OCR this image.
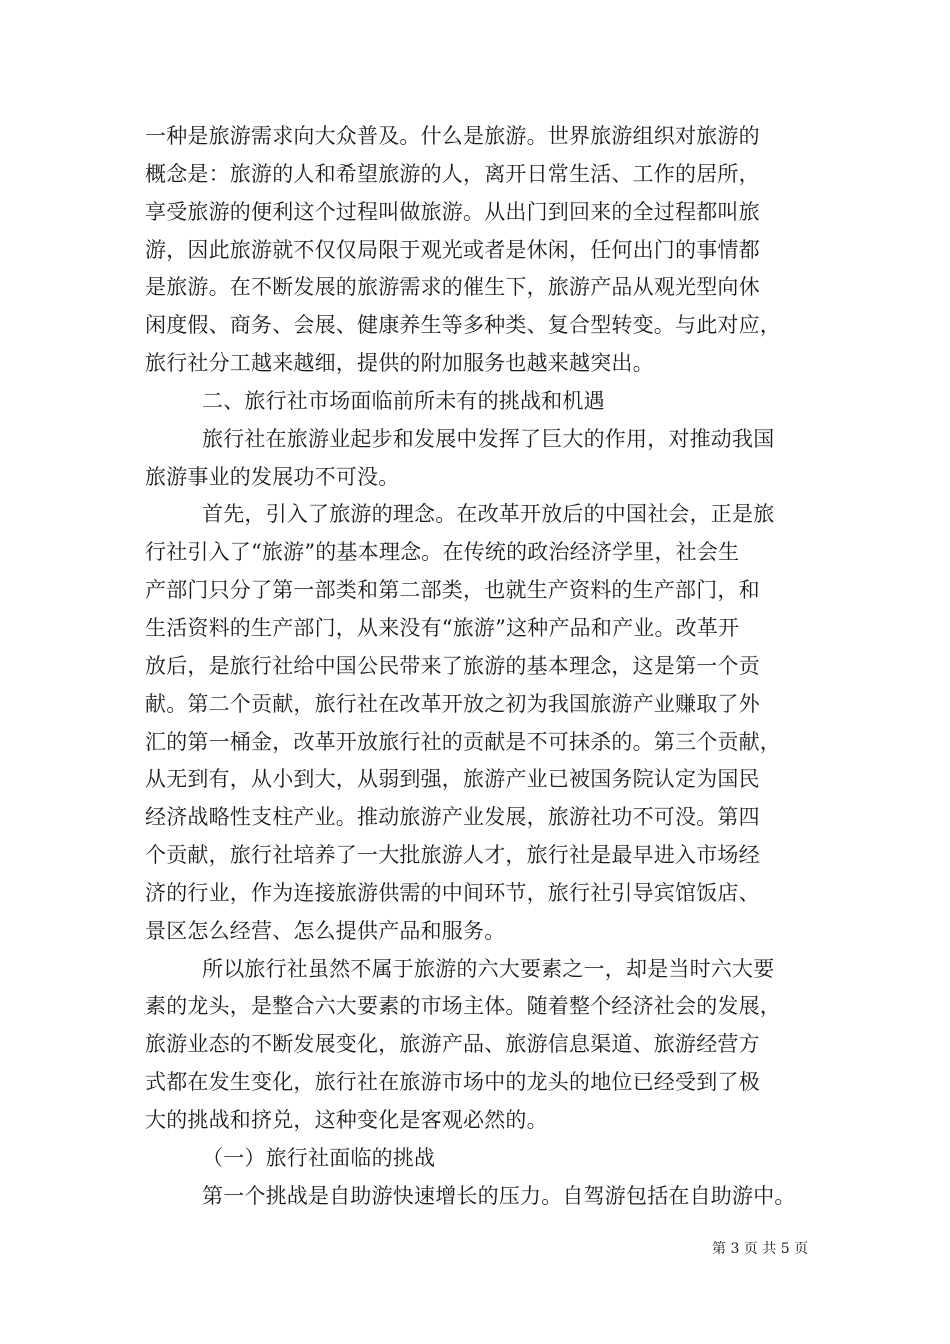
一种是旅游需求向大众普及。什么是旅游。世界旅游组织对旅游的
概念是：旅游的人和希望旅游的人，离开日常生活、工作的居所，
享受旅游的便利这个过程叫做旅游。从出门到回来的全过程都叫旅
游，因此旅游就不仅仅局限于观光或者是休闲，任何出门的事情都
是旅游。在不断发展的旅游需求的催生下，旅游产品从观光型向休
闲度假、商务、会展、健康养生等多种类、复合型转变。与此对应，
旅行社分工越来越细，提供的附加服务也越来越突出。
二、旅行社市场面临前所未有的挑战和机遇
旅行社在旅游业起步和发展中发挥了巨大的作用，对推动我国
旅游事业的发展功不可没。
首先，引入了旅游的理念。在改革开放后的中国社会，正是旅
行社引入了“旅游”的基本理念。在传统的政治经济学里，社会生
产部门只分了第一部类和第二部类，也就生产资料的生产部门，和
生活资料的生产部门，从来没有“旅游”这种产品和产业。改革开
放后，是旅行社给中国公民带来了旅游的基本理念，这是第一个贡
献。第二个贡献，旅行社在改革开放之初为我国旅游产业赚取了外
汇的第一桶金，改革开放旅行社的贡献是不可抹杀的。第三个贡献，
从无到有，从小到大，从弱到强，旅游产业已被国务院认定为国民
经济战略性支柱产业。推动旅游产业发展，旅游社功不可没。第四
个贡献，旅行社培养了一大批旅游人才，旅行社是最早进入市场经
济的行业，作为连接旅游供需的中间环节，旅行社引导宾馆饭店、
景区怎么经营、怎么提供产品和服务。
所以旅行社虽然不属于旅游的六大要素之一，却是当时六大要
素的龙头，是整合六大要素的市场主体。随着整个经济社会的发展，
旅游业态的不断发展变化，旅游产品、旅游信息渠道、旅游经营方
式都在发生变化，旅行社在旅游市场中的龙头的地位已经受到了极
大的挑战和挤兑，这种变化是客观必然的。
（一）旅行社面临的挑战
第一个挑战是自助游快速增长的压力。自驾游包括在自助游中。
第 3 页 共 5 页
